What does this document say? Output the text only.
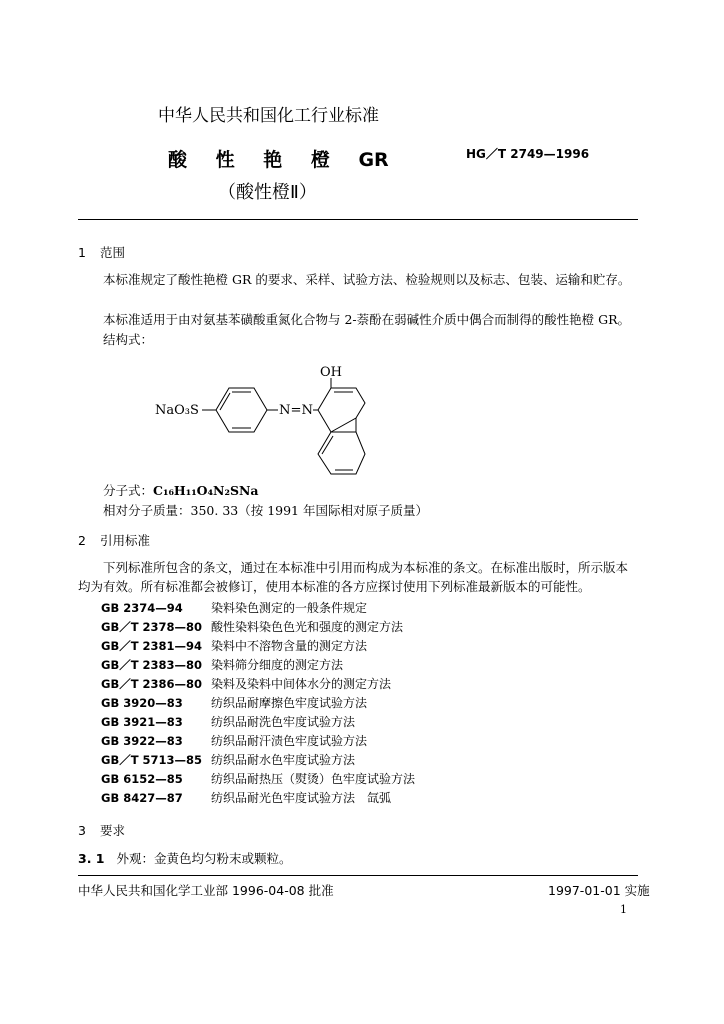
中华人民共和国化工行业标准
HG／T 2749—1996
酸 性 艳 橙 GR
（酸性橙Ⅱ）
1 范围
本标准规定了酸性艳橙 GR 的要求、采样、试验方法、检验规则以及标志、包装、运输和贮存。
本标准适用于由对氨基苯磺酸重氮化合物与 2-萘酚在弱碱性介质中偶合而制得的酸性艳橙 GR。
结构式：
NaO₃S	N=N
OH
分子式：C₁₆H₁₁O₄N₂SNa
相对分子质量：350. 33（按 1991 年国际相对原子质量）
2 引用标准
下列标准所包含的条文，通过在本标准中引用而构成为本标准的条文。在标准出版时，所示版本均为有效。所有标准都会被修订，使用本标准的各方应探讨使用下列标准最新版本的可能性。
GB 2374—94 染料染色测定的一般条件规定
GB／T 2378—80 酸性染料染色色光和强度的测定方法
GB／T 2381—94 染料中不溶物含量的测定方法
GB／T 2383—80 染料筛分细度的测定方法
GB／T 2386—80 染料及染料中间体水分的测定方法
GB 3920—83 纺织品耐摩擦色牢度试验方法
GB 3921—83 纺织品耐洗色牢度试验方法
GB 3922—83 纺织品耐汗渍色牢度试验方法
GB／T 5713—85 纺织品耐水色牢度试验方法
GB 6152—85 纺织品耐热压（熨烫）色牢度试验方法
GB 8427—87 纺织品耐光色牢度试验方法　氙弧
3 要求
3. 1 外观：金黄色均匀粉末或颗粒。
中华人民共和国化学工业部 1996-04-08 批准	1997-01-01 实施
1
